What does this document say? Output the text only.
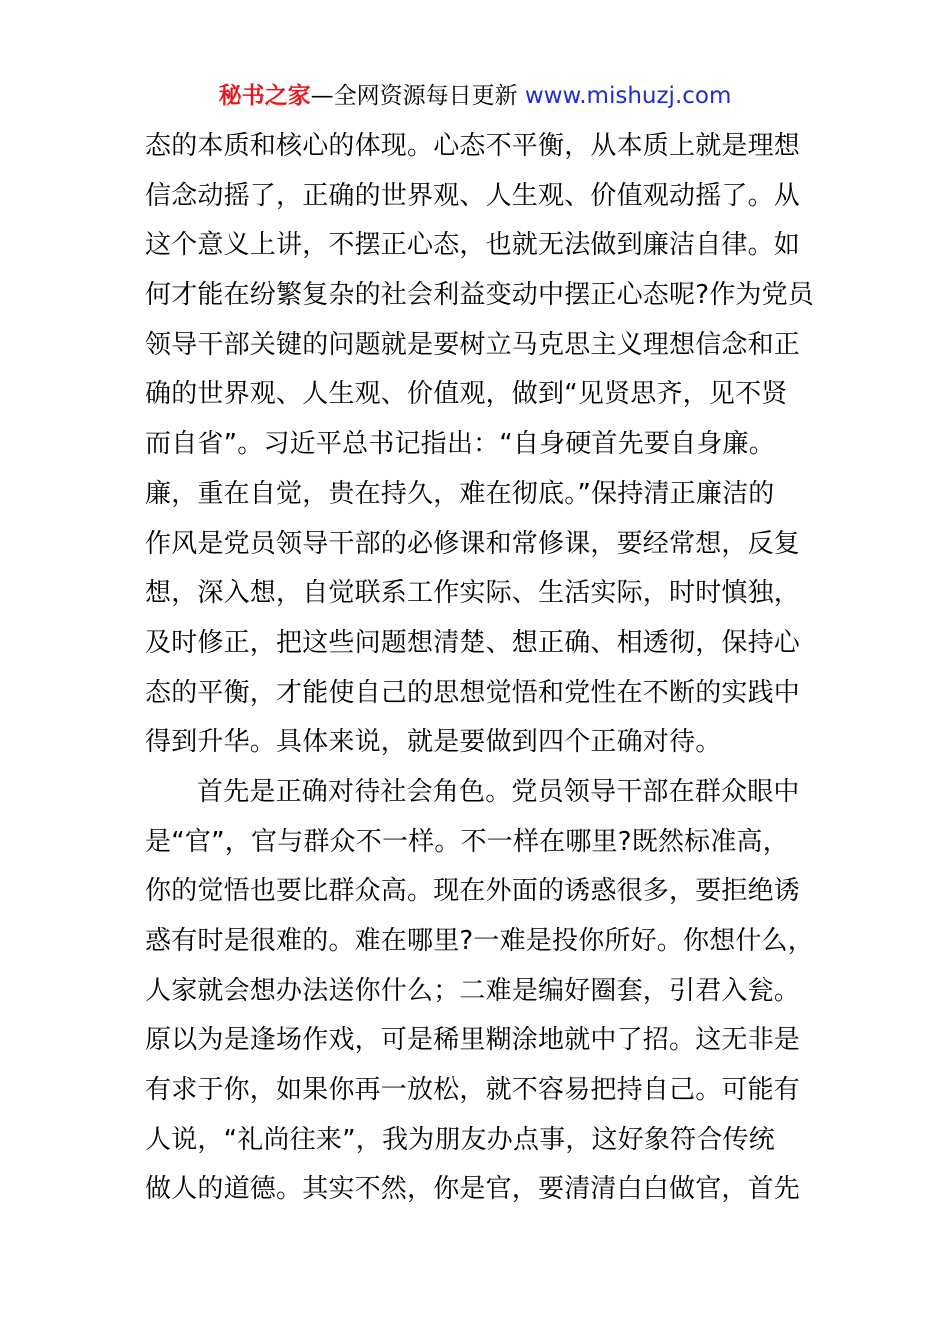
秘书之家—全网资源每日更新 www.mishuzj.com
态的本质和核心的体现。心态不平衡，从本质上就是理想
信念动摇了，正确的世界观、人生观、价值观动摇了。从
这个意义上讲，不摆正心态，也就无法做到廉洁自律。如
何才能在纷繁复杂的社会利益变动中摆正心态呢?作为党员
领导干部关键的问题就是要树立马克思主义理想信念和正
确的世界观、人生观、价值观，做到“见贤思齐，见不贤
而自省”。习近平总书记指出：“自身硬首先要自身廉。
廉，重在自觉，贵在持久，难在彻底。”保持清正廉洁的
作风是党员领导干部的必修课和常修课，要经常想，反复
想，深入想，自觉联系工作实际、生活实际，时时慎独，
及时修正，把这些问题想清楚、想正确、相透彻，保持心
态的平衡，才能使自己的思想觉悟和党性在不断的实践中
得到升华。具体来说，就是要做到四个正确对待。
首先是正确对待社会角色。党员领导干部在群众眼中
是“官”，官与群众不一样。不一样在哪里?既然标准高，
你的觉悟也要比群众高。现在外面的诱惑很多，要拒绝诱
惑有时是很难的。难在哪里?一难是投你所好。你想什么，
人家就会想办法送你什么；二难是编好圈套，引君入瓮。
原以为是逢场作戏，可是稀里糊涂地就中了招。这无非是
有求于你，如果你再一放松，就不容易把持自己。可能有
人说，“礼尚往来”，我为朋友办点事，这好象符合传统
做人的道德。其实不然，你是官，要清清白白做官，首先
